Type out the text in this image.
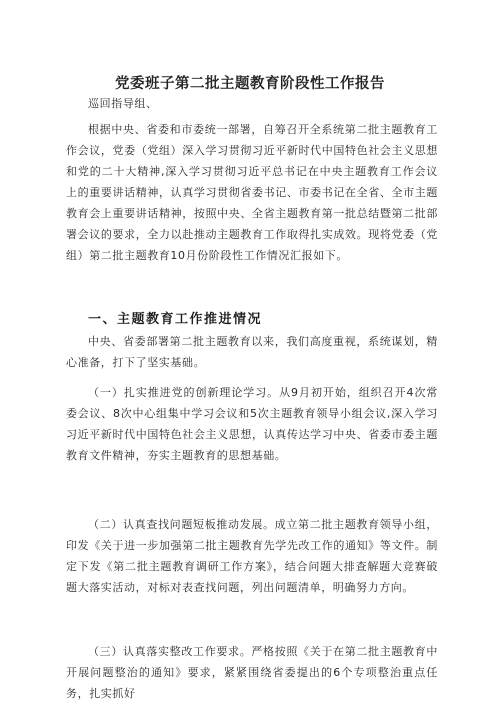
党委班子第二批主题教育阶段性工作报告

巡回指导组、

根据中央、省委和市委统一部署，自筹召开全系统第二批主题教育工作会议，党委（党组）深入学习贯彻习近平新时代中国特色社会主义思想和党的二十大精神,深入学习贯彻习近平总书记在中央主题教育工作会议上的重要讲话精神，认真学习贯彻省委书记、市委书记在全省、全市主题教育会上重要讲话精神，按照中央、全省主题教育第一批总结暨第二批部署会议的要求，全力以赴推动主题教育工作取得扎实成效。现将党委（党组）第二批主题教育10月份阶段性工作情况汇报如下。

一、主题教育工作推进情况

中央、省委部署第二批主题教育以来，我们高度重视，系统谋划，精心准备，打下了坚实基础。

（一）扎实推进党的创新理论学习。从9月初开始，组织召开4次常委会议、8次中心组集中学习会议和5次主题教育领导小组会议,深入学习习近平新时代中国特色社会主义思想，认真传达学习中央、省委市委主题教育文件精神，夯实主题教育的思想基础。

（二）认真查找问题短板推动发展。成立第二批主题教育领导小组，印发《关于进一步加强第二批主题教育先学先改工作的通知》等文件。制定下发《第二批主题教育调研工作方案》，结合问题大排查解题大竞赛破题大落实活动，对标对表查找问题，列出问题清单，明确努力方向。

（三）认真落实整改工作要求。严格按照《关于在第二批主题教育中开展问题整治的通知》要求，紧紧围绕省委提出的6个专项整治重点任务，扎实抓好
